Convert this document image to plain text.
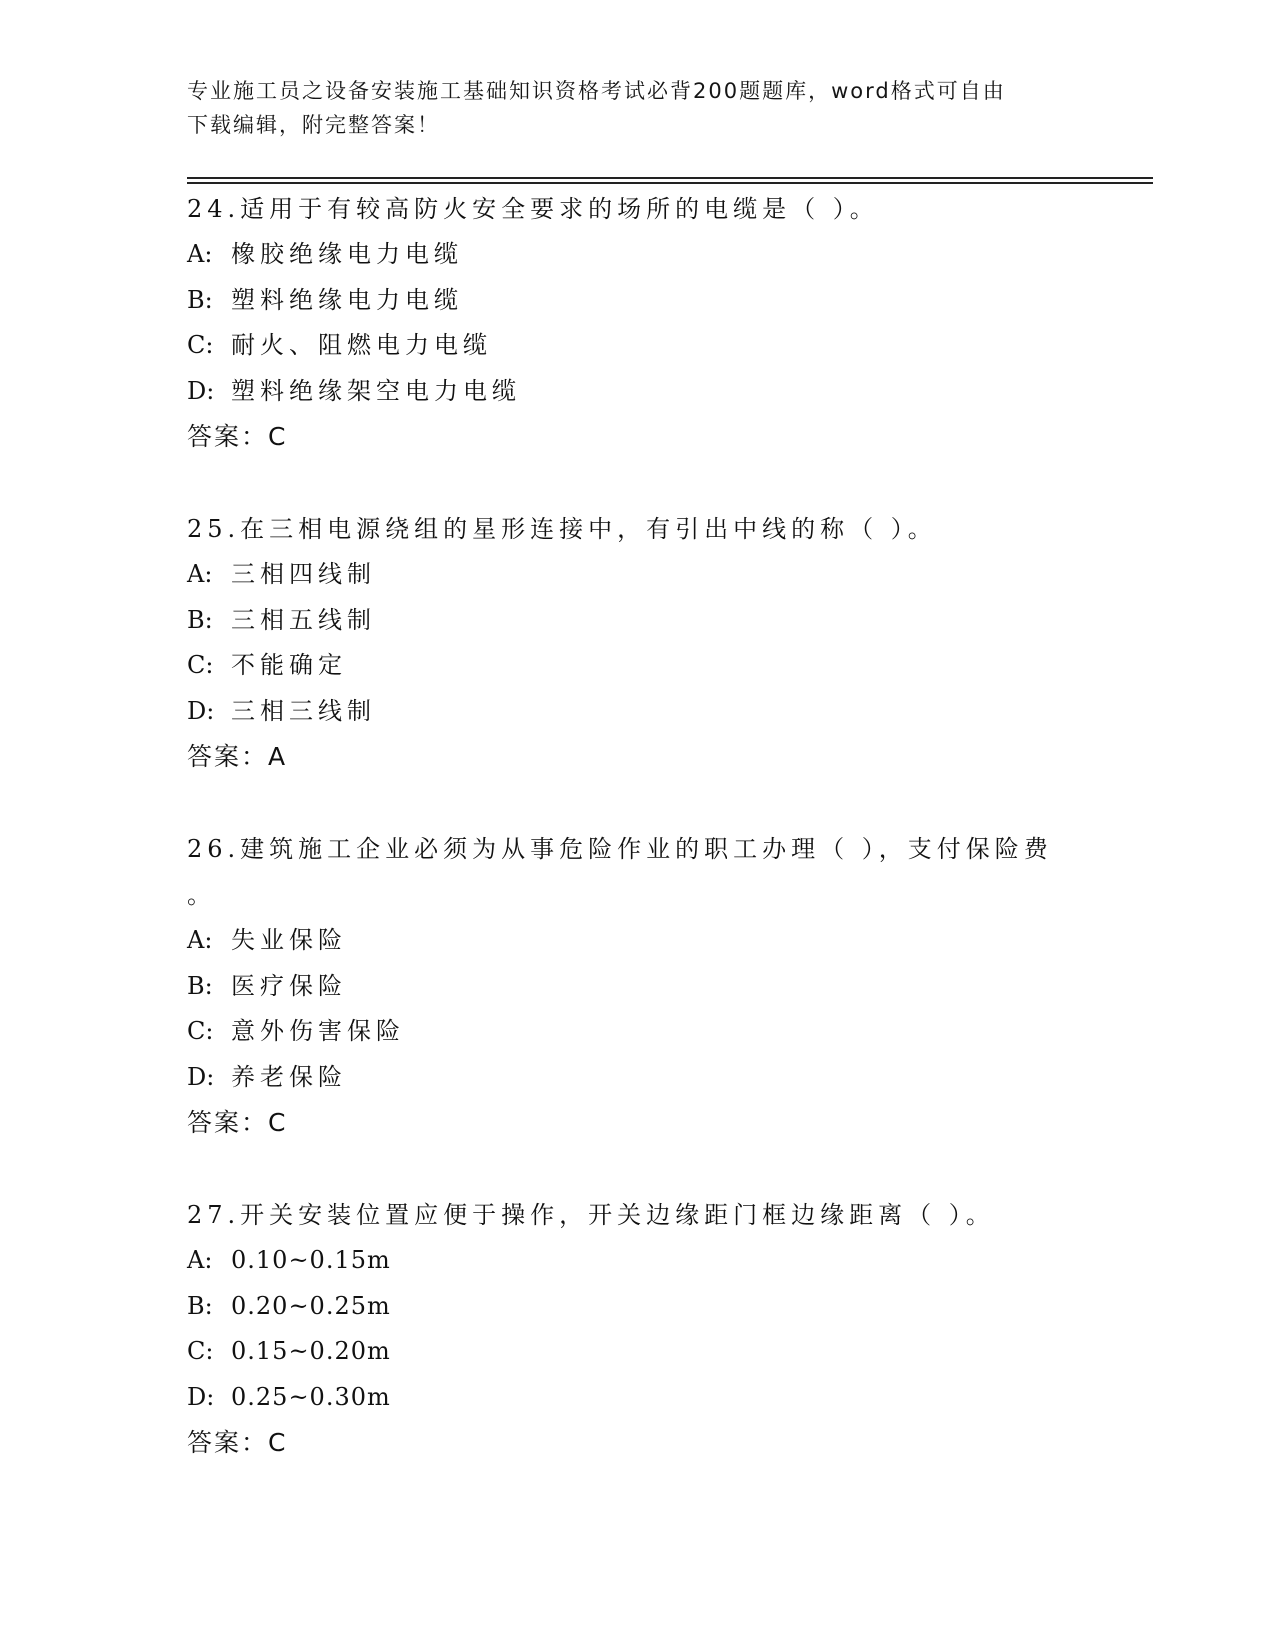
专业施工员之设备安装施工基础知识资格考试必背200题题库，word格式可自由
下载编辑，附完整答案！
24.适用于有较高防火安全要求的场所的电缆是（ ）。
A: 橡胶绝缘电力电缆
B: 塑料绝缘电力电缆
C: 耐火、阻燃电力电缆
D: 塑料绝缘架空电力电缆
答案：C
25.在三相电源绕组的星形连接中，有引出中线的称（ ）。
A: 三相四线制
B: 三相五线制
C: 不能确定
D: 三相三线制
答案：A
26.建筑施工企业必须为从事危险作业的职工办理（ ），支付保险费
。
A: 失业保险
B: 医疗保险
C: 意外伤害保险
D: 养老保险
答案：C
27.开关安装位置应便于操作，开关边缘距门框边缘距离（ ）。
A: 0.10~0.15m
B: 0.20~0.25m
C: 0.15~0.20m
D: 0.25~0.30m
答案：C
